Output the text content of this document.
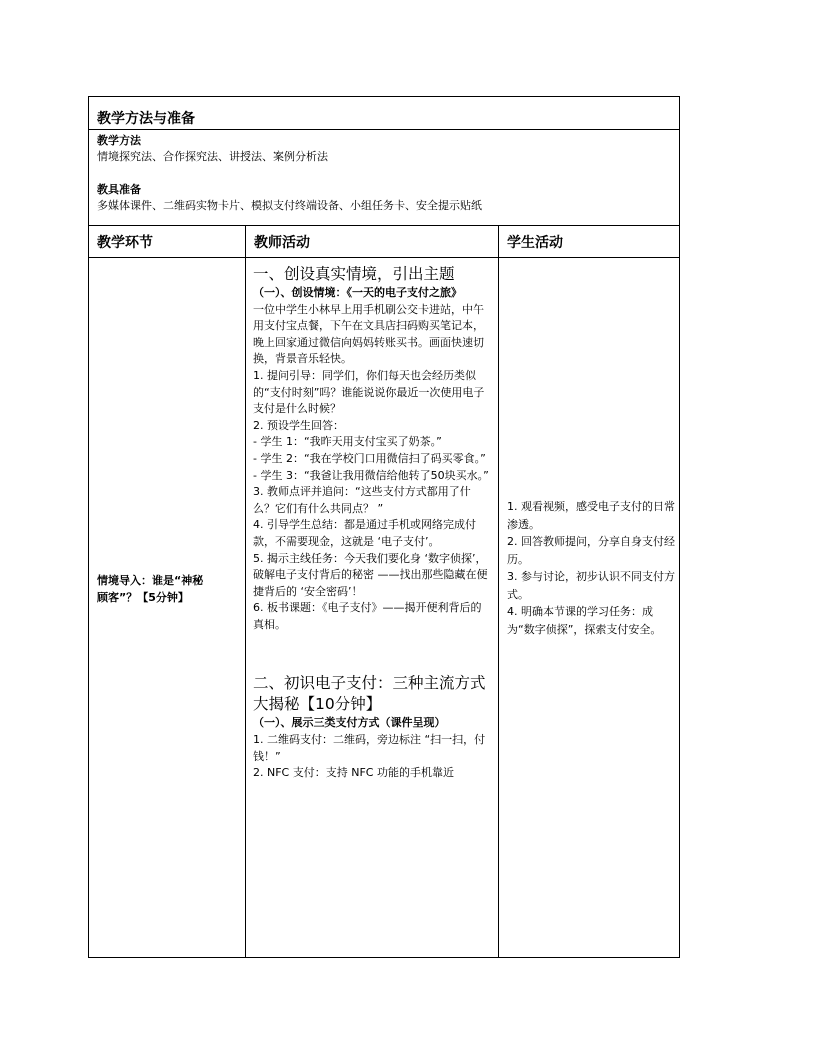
教学方法与准备
教学方法
情境探究法、合作探究法、讲授法、案例分析法
教具准备
多媒体课件、二维码实物卡片、模拟支付终端设备、小组任务卡、安全提示贴纸
教学环节
情境导入：谁是“神秘
顾客”？【5分钟】
教师活动

一、创设真实情境，引出主题

（一）、创设情境：《一天的电子支付之旅》

一位中学生小林早上用手机刷公交卡进站，中午用支付宝点餐，下午在文具店扫码购买笔记本，晚上回家通过微信向妈妈转账买书。画面快速切换，背景音乐轻快。

1. 提问引导：同学们，你们每天也会经历类似的“支付时刻”吗？谁能说说你最近一次使用电子支付是什么时候？

2. 预设学生回答：

- 学生 1：“我昨天用支付宝买了奶茶。”

- 学生 2：“我在学校门口用微信扫了码买零食。”

- 学生 3：“我爸让我用微信给他转了50块买水。”

3. 教师点评并追问：“这些支付方式都用了什么？它们有什么共同点？ ”

4. 引导学生总结：都是通过手机或网络完成付款，不需要现金，这就是 ‘电子支付’。

5. 揭示主线任务：今天我们要化身 ‘数字侦探’，破解电子支付背后的秘密 ——找出那些隐藏在便捷背后的 ‘安全密码’！

6. 板书课题：《电子支付》——揭开便利背后的真相。

二、初识电子支付：三种主流方式大揭秘【10分钟】

（一）、展示三类支付方式（课件呈现）

1. 二维码支付：二维码，旁边标注 “扫一扫，付钱！”

2. NFC 支付：支持 NFC 功能的手机靠近

学生活动

1. 观看视频，感受电子支付的日常渗透。

2. 回答教师提问，分享自身支付经历。

3. 参与讨论，初步认识不同支付方式。

4. 明确本节课的学习任务：成为“数字侦探”，探索支付安全。
